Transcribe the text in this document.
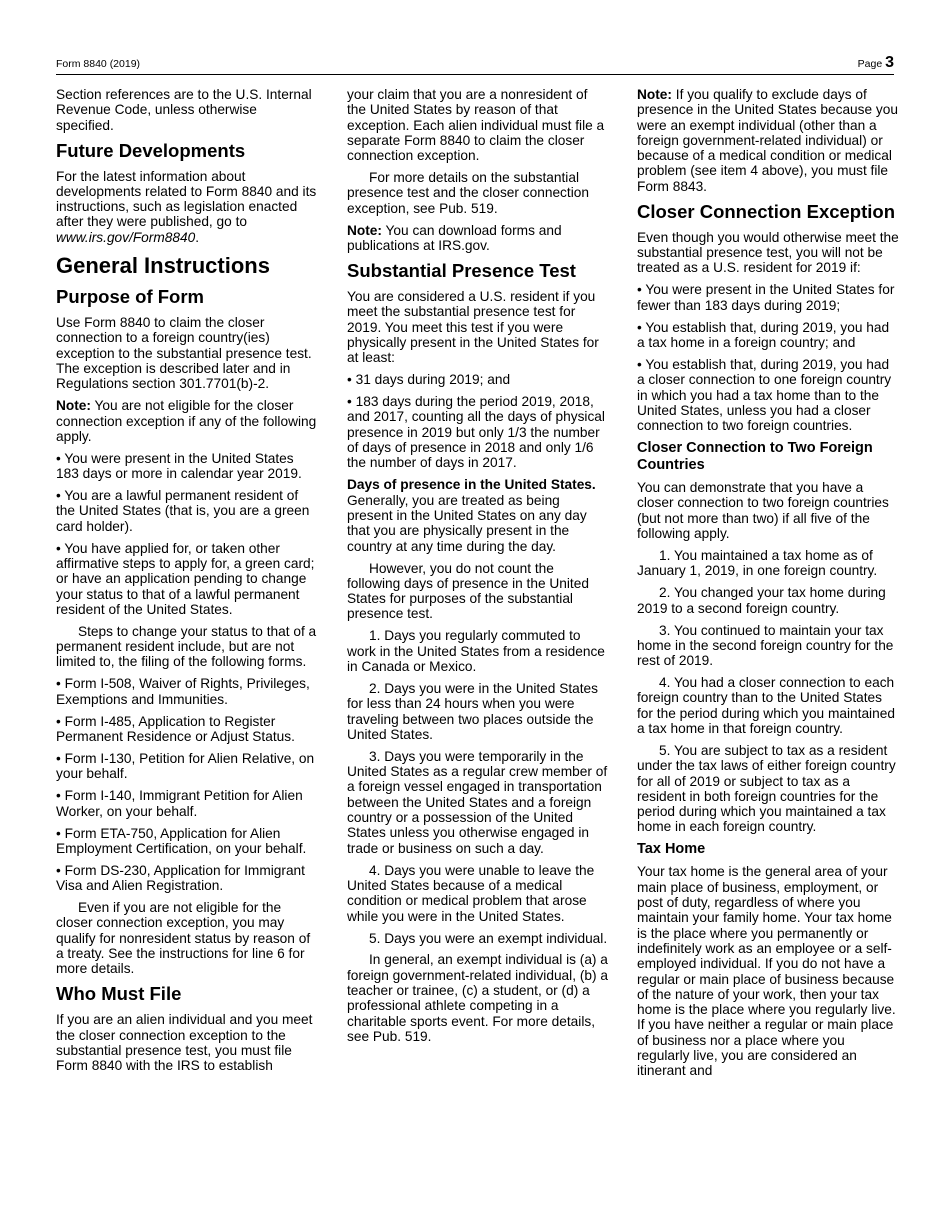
Form 8840 (2019)	Page 3

Section references are to the U.S. Internal Revenue Code, unless otherwise specified.

Future Developments

For the latest information about developments related to Form 8840 and its instructions, such as legislation enacted after they were published, go to www.irs.gov/Form8840.

General Instructions
Purpose of Form

Use Form 8840 to claim the closer connection to a foreign country(ies) exception to the substantial presence test. The exception is described later and in Regulations section 301.7701(b)-2.

Note: You are not eligible for the closer connection exception if any of the following apply.

• You were present in the United States 183 days or more in calendar year 2019.

• You are a lawful permanent resident of the United States (that is, you are a green card holder).

• You have applied for, or taken other affirmative steps to apply for, a green card; or have an application pending to change your status to that of a lawful permanent resident of the United States.

Steps to change your status to that of a permanent resident include, but are not limited to, the filing of the following forms.

• Form I-508, Waiver of Rights, Privileges, Exemptions and Immunities.

• Form I-485, Application to Register Permanent Residence or Adjust Status.

• Form I-130, Petition for Alien Relative, on your behalf.

• Form I-140, Immigrant Petition for Alien Worker, on your behalf.

• Form ETA-750, Application for Alien Employment Certification, on your behalf.

• Form DS-230, Application for Immigrant Visa and Alien Registration.

Even if you are not eligible for the closer connection exception, you may qualify for nonresident status by reason of a treaty. See the instructions for line 6 for more details.

Who Must File

If you are an alien individual and you meet the closer connection exception to the substantial presence test, you must file Form 8840 with the IRS to establish

your claim that you are a nonresident of the United States by reason of that exception. Each alien individual must file a separate Form 8840 to claim the closer connection exception.

For more details on the substantial presence test and the closer connection exception, see Pub. 519.

Note: You can download forms and publications at IRS.gov.

Substantial Presence Test

You are considered a U.S. resident if you meet the substantial presence test for 2019. You meet this test if you were physically present in the United States for at least:

• 31 days during 2019; and

• 183 days during the period 2019, 2018, and 2017, counting all the days of physical presence in 2019 but only 1/3 the number of days of presence in 2018 and only 1/6 the number of days in 2017.

Days of presence in the United States. Generally, you are treated as being present in the United States on any day that you are physically present in the country at any time during the day.

However, you do not count the following days of presence in the United States for purposes of the substantial presence test.

1. Days you regularly commuted to work in the United States from a residence in Canada or Mexico.

2. Days you were in the United States for less than 24 hours when you were traveling between two places outside the United States.

3. Days you were temporarily in the United States as a regular crew member of a foreign vessel engaged in transportation between the United States and a foreign country or a possession of the United States unless you otherwise engaged in trade or business on such a day.

4. Days you were unable to leave the United States because of a medical condition or medical problem that arose while you were in the United States.

5. Days you were an exempt individual.

In general, an exempt individual is (a) a foreign government-related individual, (b) a teacher or trainee, (c) a student, or (d) a professional athlete competing in a charitable sports event. For more details, see Pub. 519.

Note: If you qualify to exclude days of presence in the United States because you were an exempt individual (other than a foreign government-related individual) or because of a medical condition or medical problem (see item 4 above), you must file Form 8843.

Closer Connection Exception

Even though you would otherwise meet the substantial presence test, you will not be treated as a U.S. resident for 2019 if:

• You were present in the United States for fewer than 183 days during 2019;

• You establish that, during 2019, you had a tax home in a foreign country; and

• You establish that, during 2019, you had a closer connection to one foreign country in which you had a tax home than to the United States, unless you had a closer connection to two foreign countries.

Closer Connection to Two Foreign Countries

You can demonstrate that you have a closer connection to two foreign countries (but not more than two) if all five of the following apply.

1. You maintained a tax home as of January 1, 2019, in one foreign country.

2. You changed your tax home during 2019 to a second foreign country.

3. You continued to maintain your tax home in the second foreign country for the rest of 2019.

4. You had a closer connection to each foreign country than to the United States for the period during which you maintained a tax home in that foreign country.

5. You are subject to tax as a resident under the tax laws of either foreign country for all of 2019 or subject to tax as a resident in both foreign countries for the period during which you maintained a tax home in each foreign country.

Tax Home

Your tax home is the general area of your main place of business, employment, or post of duty, regardless of where you maintain your family home. Your tax home is the place where you permanently or indefinitely work as an employee or a self-employed individual. If you do not have a regular or main place of business because of the nature of your work, then your tax home is the place where you regularly live. If you have neither a regular or main place of business nor a place where you regularly live, you are considered an itinerant and
